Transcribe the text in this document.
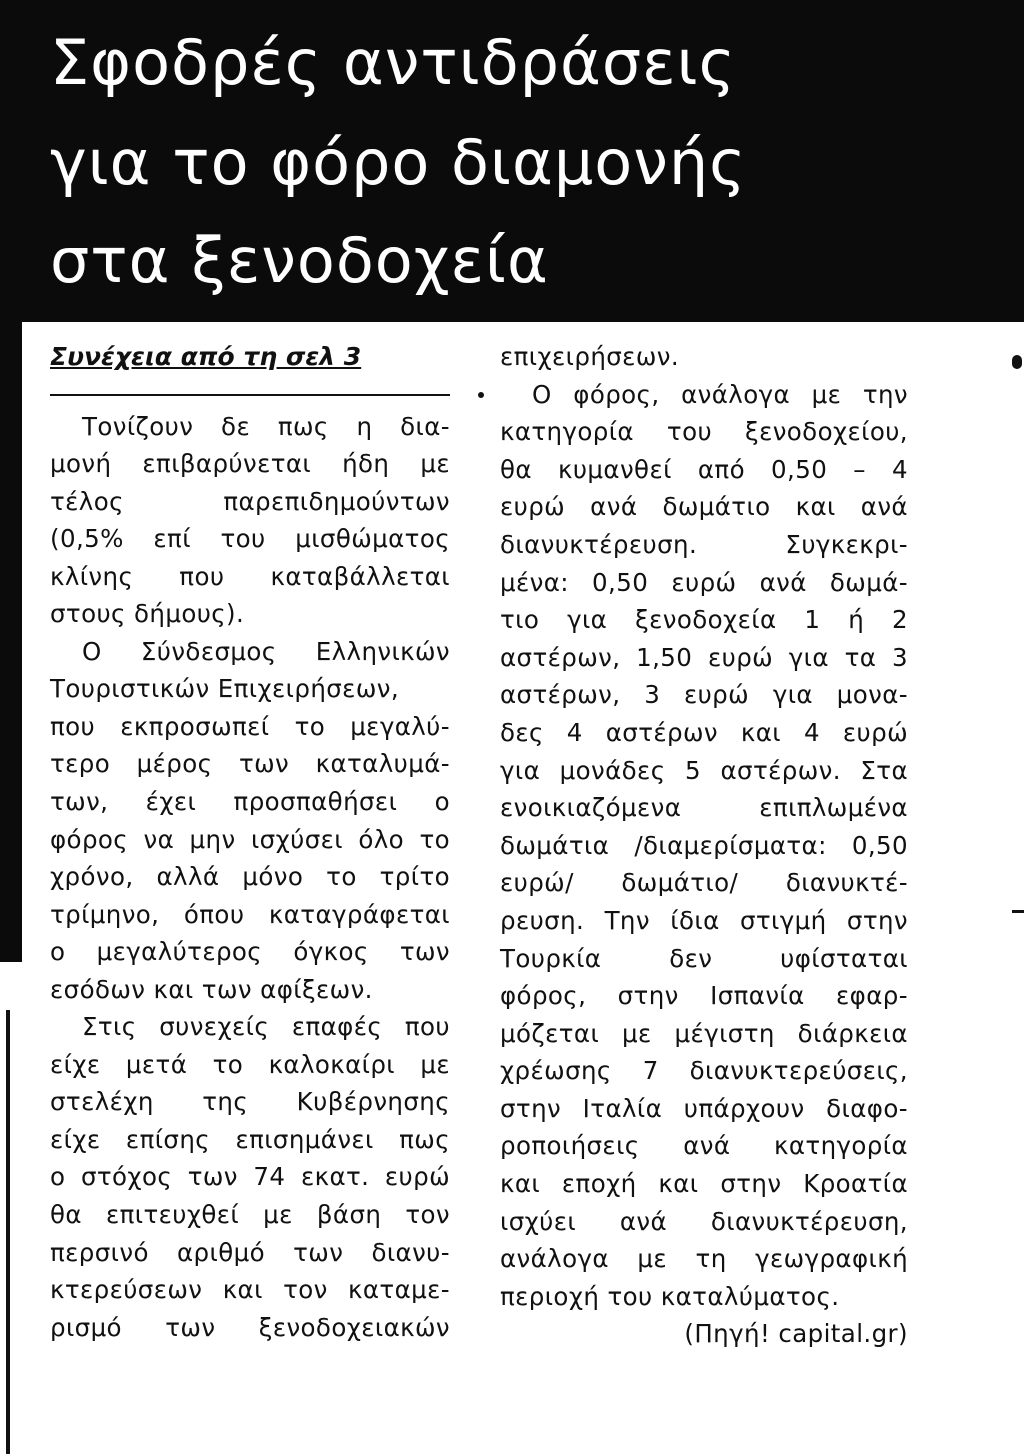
Σφοδρές αντιδράσεις
για το φόρο διαμονής
στα ξενοδοχεία
Συνέχεια από τη σελ 3
Τονίζουν δε πως η δια-
μονή επιβαρύνεται ήδη με
τέλος παρεπιδημούντων
(0,5% επί του μισθώματος
κλίνης που καταβάλλεται
στους δήμους).
Ο Σύνδεσμος Ελληνικών
Τουριστικών Επιχειρήσεων,
που εκπροσωπεί το μεγαλύ-
τερο μέρος των καταλυμά-
των, έχει προσπαθήσει ο
φόρος να μην ισχύσει όλο το
χρόνο, αλλά μόνο το τρίτο
τρίμηνο, όπου καταγράφεται
ο μεγαλύτερος όγκος των
εσόδων και των αφίξεων.
Στις συνεχείς επαφές που
είχε μετά το καλοκαίρι με
στελέχη της Κυβέρνησης
είχε επίσης επισημάνει πως
ο στόχος των 74 εκατ. ευρώ
θα επιτευχθεί με βάση τον
περσινό αριθμό των διανυ-
κτερεύσεων και τον καταμε-
ρισμό των ξενοδοχειακών
επιχειρήσεων.
Ο φόρος, ανάλογα με την
κατηγορία του ξενοδοχείου,
θα κυμανθεί από 0,50 – 4
ευρώ ανά δωμάτιο και ανά
διανυκτέρευση. Συγκεκρι-
μένα: 0,50 ευρώ ανά δωμά-
τιο για ξενοδοχεία 1 ή 2
αστέρων, 1,50 ευρώ για τα 3
αστέρων, 3 ευρώ για μονα-
δες 4 αστέρων και 4 ευρώ
για μονάδες 5 αστέρων. Στα
ενοικιαζόμενα επιπλωμένα
δωμάτια /διαμερίσματα: 0,50
ευρώ/ δωμάτιο/ διανυκτέ-
ρευση. Την ίδια στιγμή στην
Τουρκία δεν υφίσταται
φόρος, στην Ισπανία εφαρ-
μόζεται με μέγιστη διάρκεια
χρέωσης 7 διανυκτερεύσεις,
στην Ιταλία υπάρχουν διαφο-
ροποιήσεις ανά κατηγορία
και εποχή και στην Κροατία
ισχύει ανά διανυκτέρευση,
ανάλογα με τη γεωγραφική
περιοχή του καταλύματος.
(Πηγή! capital.gr)
